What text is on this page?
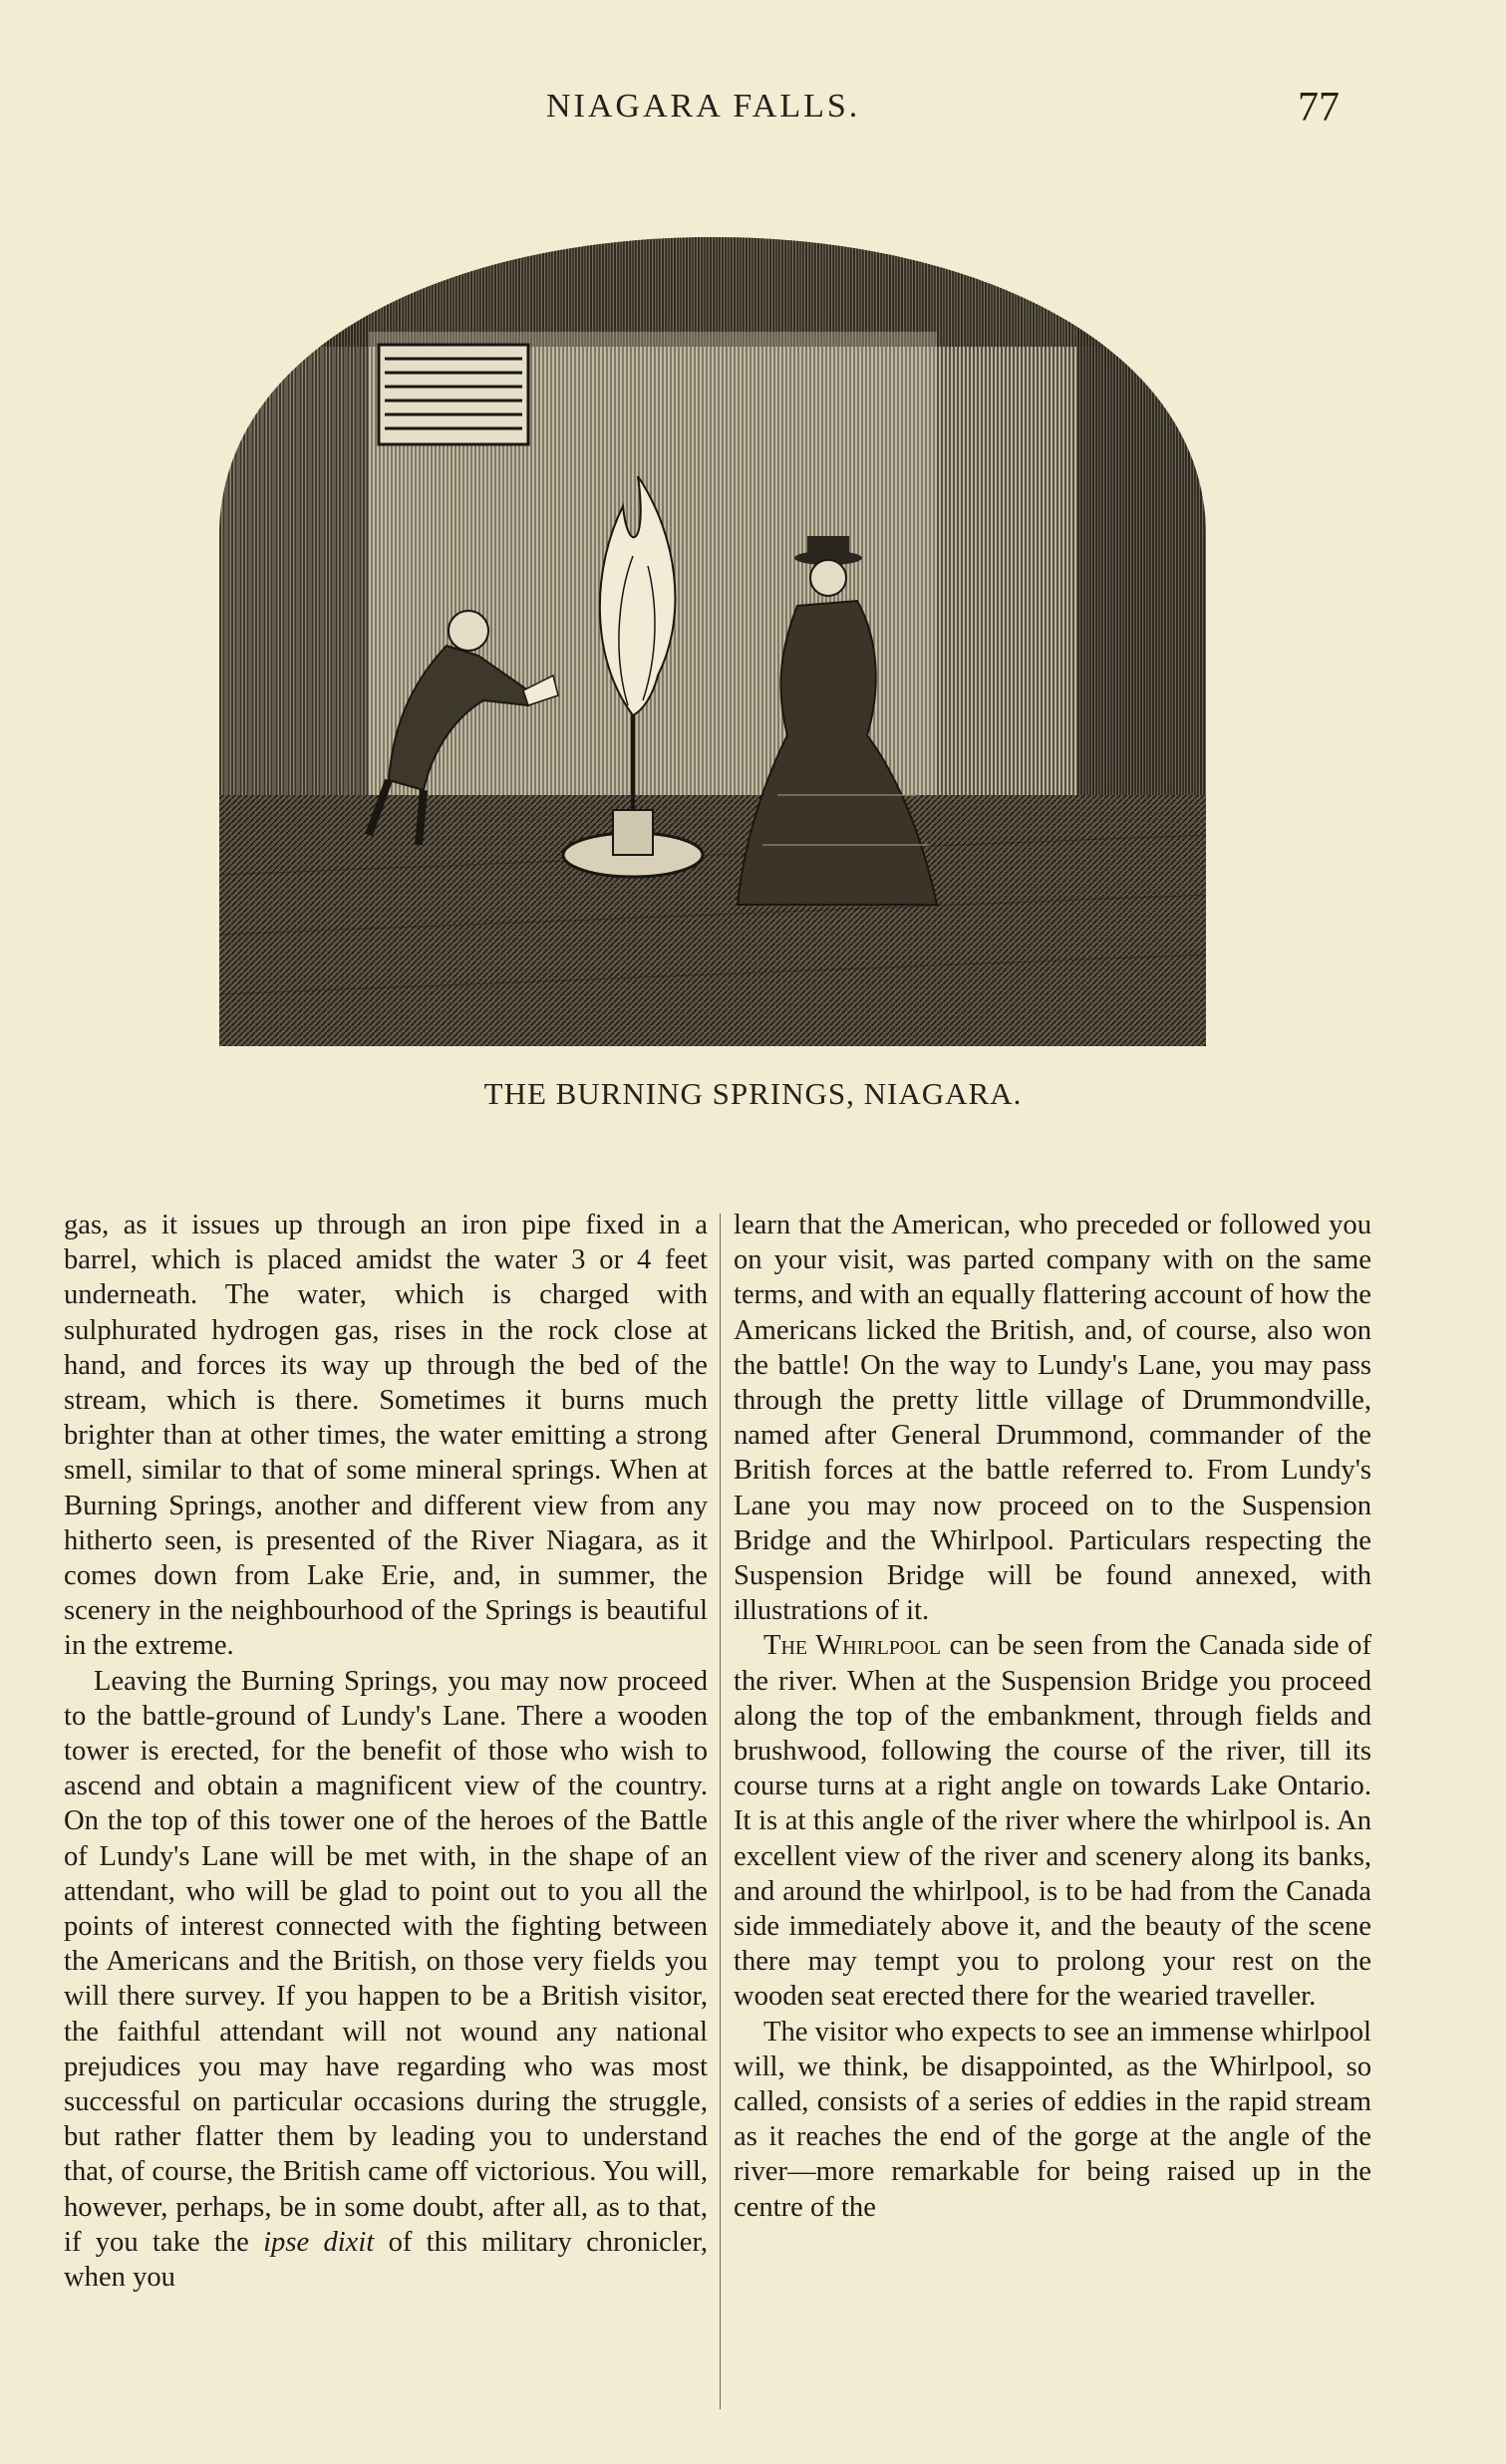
NIAGARA FALLS.	77
THE BURNING SPRINGS, NIAGARA.

gas, as it issues up through an iron pipe fixed in a barrel, which is placed amidst the water 3 or 4 feet underneath. The water, which is charged with sulphurated hydrogen gas, rises in the rock close at hand, and forces its way up through the bed of the stream, which is there. Sometimes it burns much brighter than at other times, the water emitting a strong smell, similar to that of some mineral springs. When at Burning Springs, another and different view from any hitherto seen, is presented of the River Niagara, as it comes down from Lake Erie, and, in summer, the scenery in the neighbourhood of the Springs is beautiful in the extreme.

Leaving the Burning Springs, you may now proceed to the battle-ground of Lundy's Lane. There a wooden tower is erected, for the benefit of those who wish to ascend and obtain a magnificent view of the country. On the top of this tower one of the heroes of the Battle of Lundy's Lane will be met with, in the shape of an attendant, who will be glad to point out to you all the points of interest connected with the fighting between the Americans and the British, on those very fields you will there survey. If you happen to be a British visitor, the faithful attendant will not wound any national prejudices you may have regarding who was most successful on particular occasions during the struggle, but rather flatter them by leading you to understand that, of course, the British came off victorious. You will, however, perhaps, be in some doubt, after all, as to that, if you take the ipse dixit of this military chronicler, when you

learn that the American, who preceded or followed you on your visit, was parted company with on the same terms, and with an equally flattering account of how the Americans licked the British, and, of course, also won the battle! On the way to Lundy's Lane, you may pass through the pretty little village of Drummondville, named after General Drummond, commander of the British forces at the battle referred to. From Lundy's Lane you may now proceed on to the Suspension Bridge and the Whirlpool. Particulars respecting the Suspension Bridge will be found annexed, with illustrations of it.

The Whirlpool can be seen from the Canada side of the river. When at the Suspension Bridge you proceed along the top of the embankment, through fields and brushwood, following the course of the river, till its course turns at a right angle on towards Lake Ontario. It is at this angle of the river where the whirlpool is. An excellent view of the river and scenery along its banks, and around the whirlpool, is to be had from the Canada side immediately above it, and the beauty of the scene there may tempt you to prolong your rest on the wooden seat erected there for the wearied traveller.

The visitor who expects to see an immense whirlpool will, we think, be disappointed, as the Whirlpool, so called, consists of a series of eddies in the rapid stream as it reaches the end of the gorge at the angle of the river—more remarkable for being raised up in the centre of the
